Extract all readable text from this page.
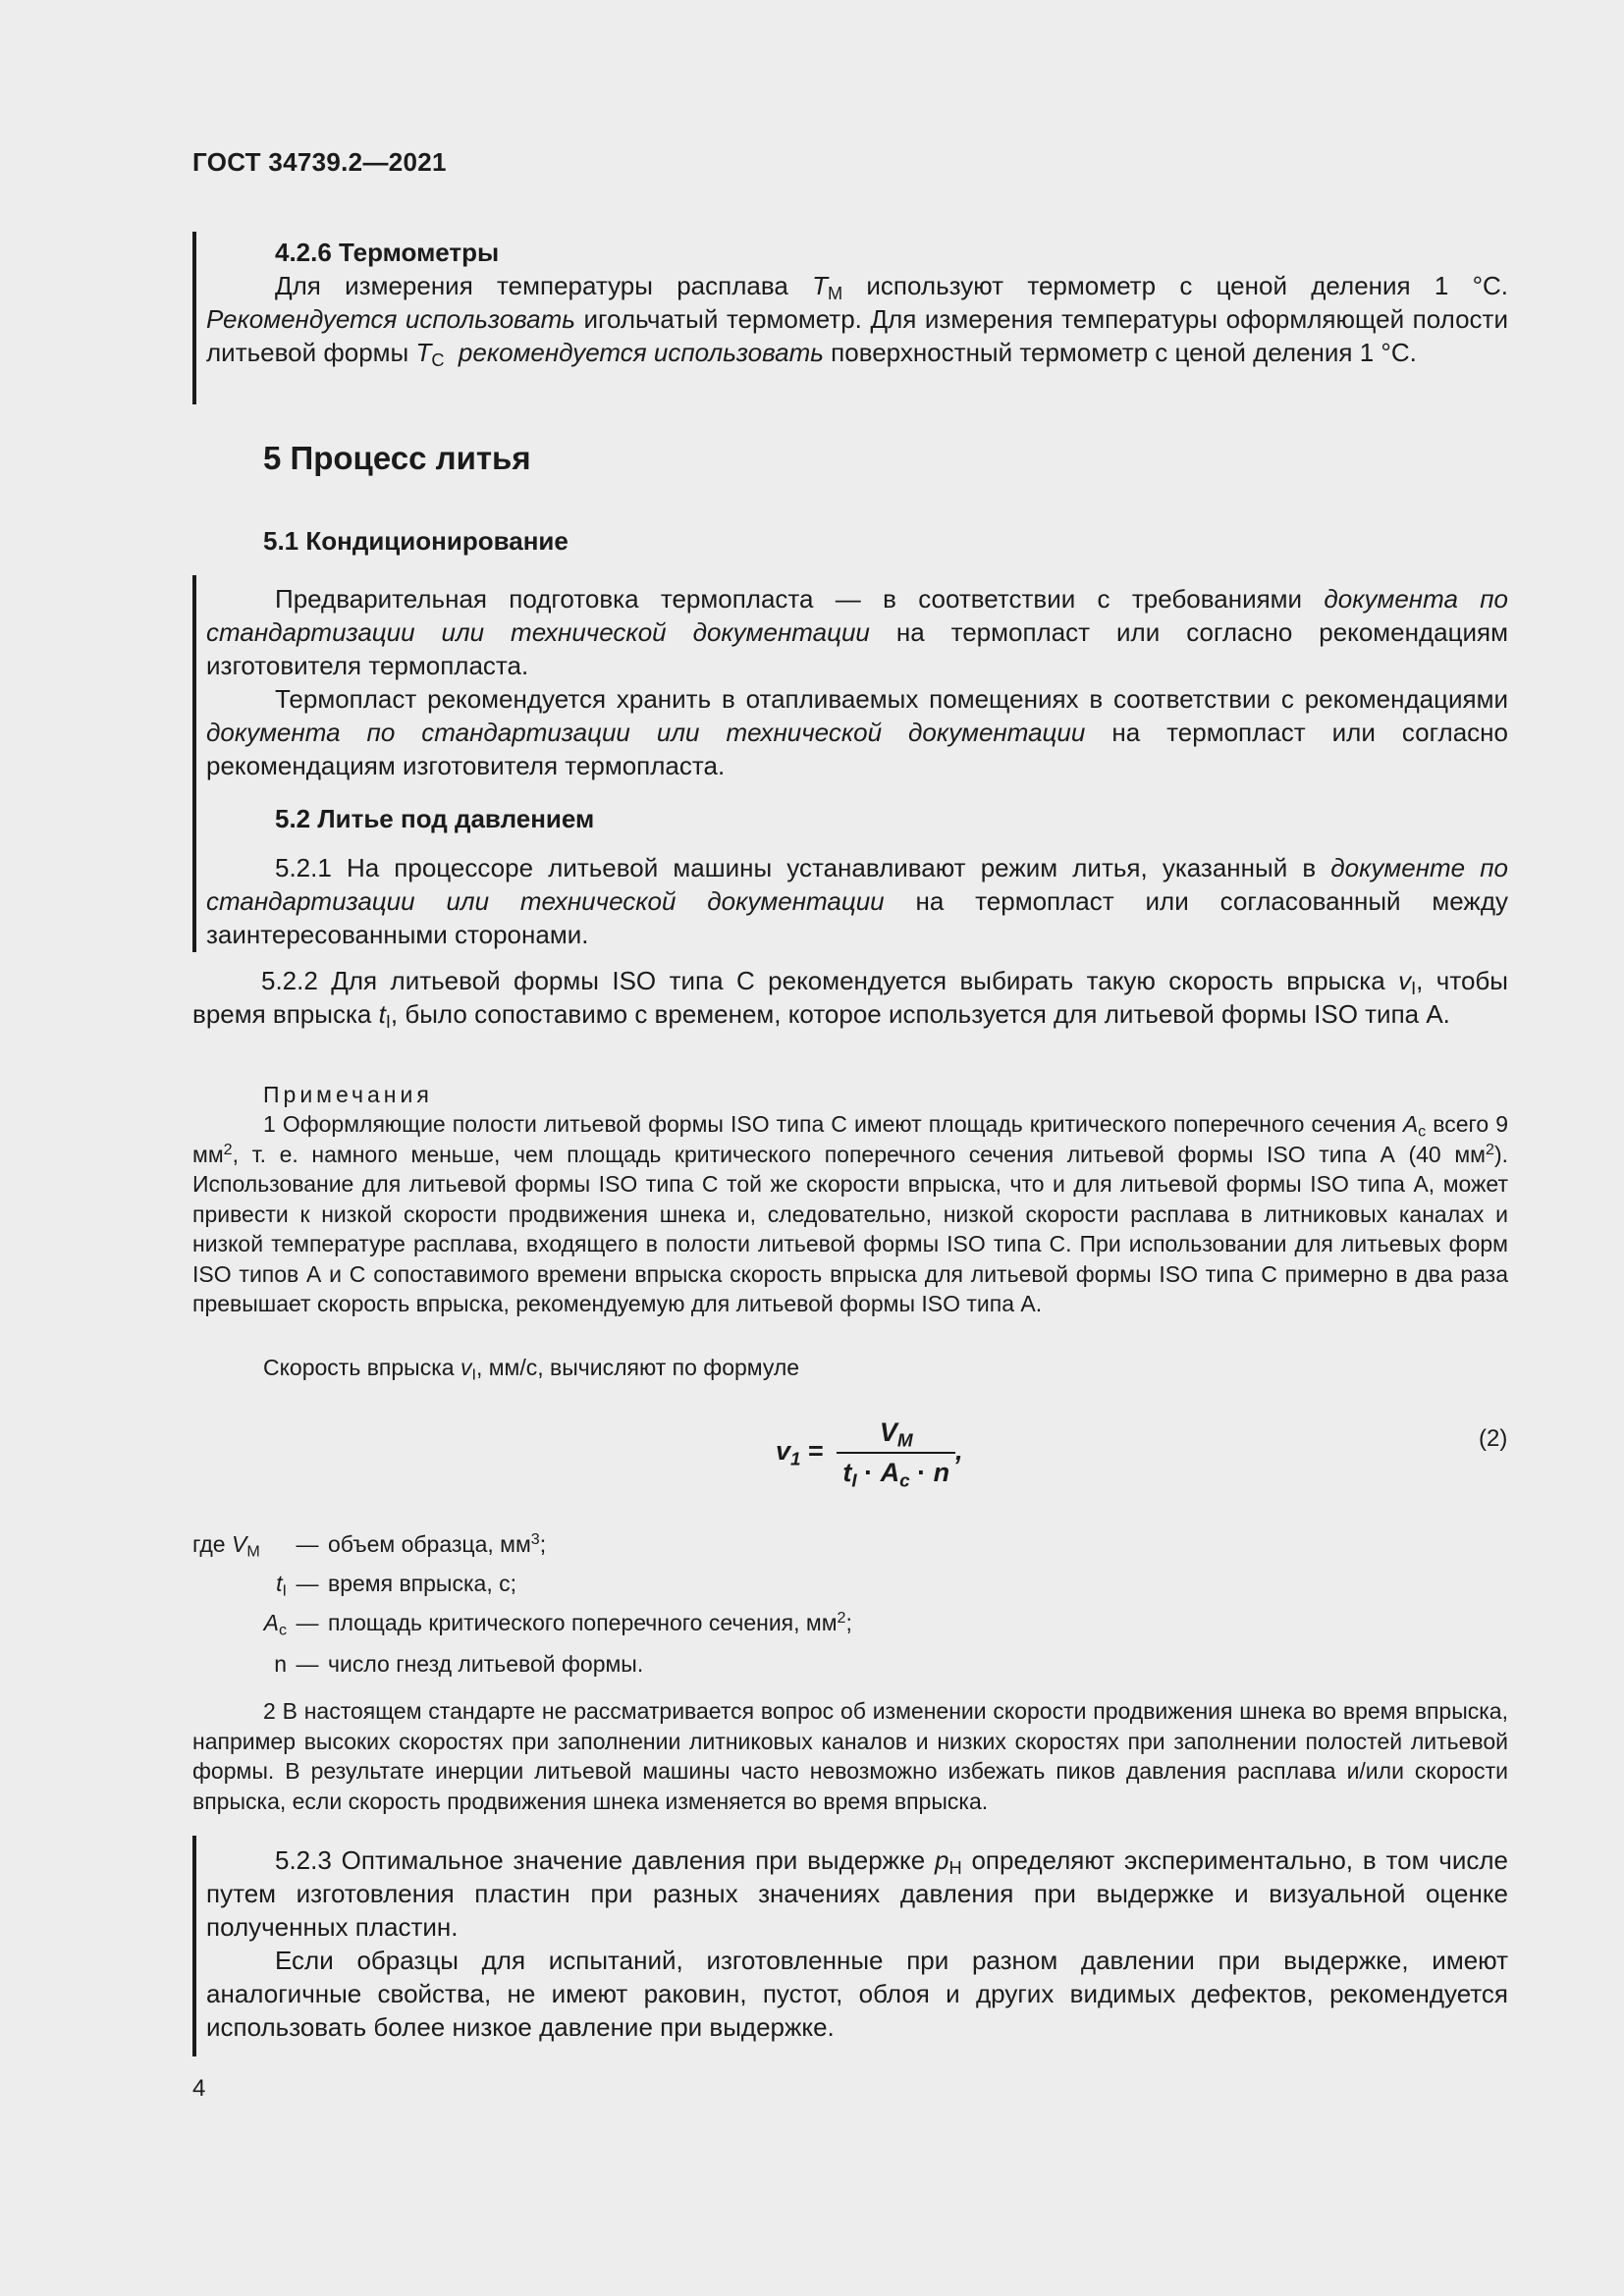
ГОСТ 34739.2—2021
4.2.6 Термометры
Для измерения температуры расплава $T_M$ используют термометр с ценой деления 1 °С. Рекомендуется использовать игольчатый термометр. Для измерения температуры оформляющей полости литьевой формы $T_C$ рекомендуется использовать поверхностный термометр с ценой деления 1 °С.
5 Процесс литья
5.1 Кондиционирование
Предварительная подготовка термопласта — в соответствии с требованиями документа по стандартизации или технической документации на термопласт или согласно рекомендациям изготовителя термопласта.
Термопласт рекомендуется хранить в отапливаемых помещениях в соответствии с рекомендациями документа по стандартизации или технической документации на термопласт или согласно рекомендациям изготовителя термопласта.
5.2 Литье под давлением
5.2.1 На процессоре литьевой машины устанавливают режим литья, указанный в документе по стандартизации или технической документации на термопласт или согласованный между заинтересованными сторонами.
5.2.2 Для литьевой формы ISO типа С рекомендуется выбирать такую скорость впрыска $v_I$, чтобы время впрыска $t_I$, было сопоставимо с временем, которое используется для литьевой формы ISO типа А.
Примечания
1 Оформляющие полости литьевой формы ISO типа С имеют площадь критического поперечного сечения $A_c$ всего 9 $мм^2$, т. е. намного меньше, чем площадь критического поперечного сечения литьевой формы ISO типа А (40 $мм^2$). Использование для литьевой формы ISO типа С той же скорости впрыска, что и для литьевой формы ISO типа А, может привести к низкой скорости продвижения шнека и, следовательно, низкой скорости расплава в литниковых каналах и низкой температуре расплава, входящего в полости литьевой формы ISO типа С. При использовании для литьевых форм ISO типов А и С сопоставимого времени впрыска скорость впрыска для литьевой формы ISO типа С примерно в два раза превышает скорость впрыска, рекомендуемую для литьевой формы ISO типа А.
Скорость впрыска $v_I$, мм/с, вычисляют по формуле
$v_1 = \frac{V_M}{t_I \cdot A_c \cdot n}$ ,	(2)
где $V_M$ — объем образца, $мм^3$;
$t_I$ — время впрыска, с;
$A_c$ — площадь критического поперечного сечения, $мм^2$;
n — число гнезд литьевой формы.
2 В настоящем стандарте не рассматривается вопрос об изменении скорости продвижения шнека во время впрыска, например высоких скоростях при заполнении литниковых каналов и низких скоростях при заполнении полостей литьевой формы. В результате инерции литьевой машины часто невозможно избежать пиков давления расплава и/или скорости впрыска, если скорость продвижения шнека изменяется во время впрыска.
5.2.3 Оптимальное значение давления при выдержке $p_H$ определяют экспериментально, в том числе путем изготовления пластин при разных значениях давления при выдержке и визуальной оценке полученных пластин.
Если образцы для испытаний, изготовленные при разном давлении при выдержке, имеют аналогичные свойства, не имеют раковин, пустот, облоя и других видимых дефектов, рекомендуется использовать более низкое давление при выдержке.
4
